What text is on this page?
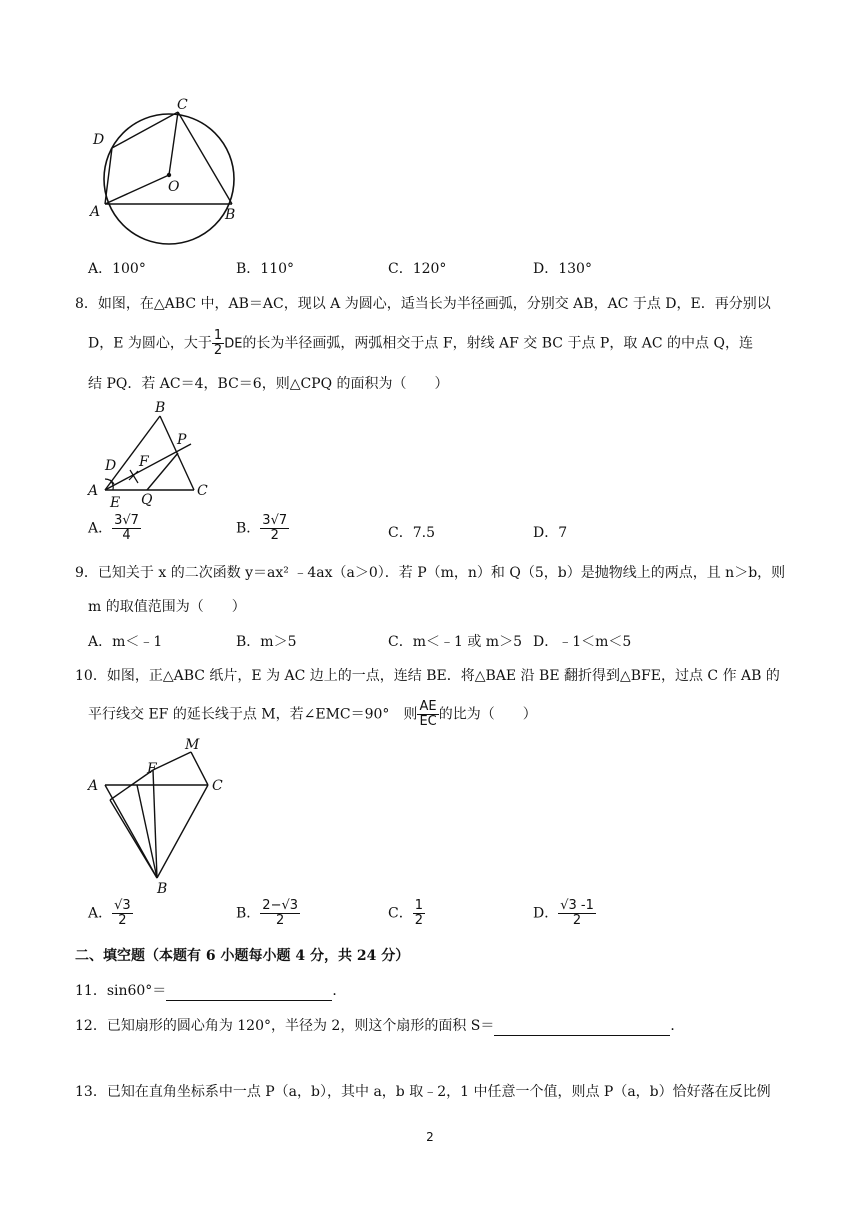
C
D
O
A	B
A．100°	B．110°	C．120°	D．130°
8．如图，在△ABC 中，AB＝AC，现以 A 为圆心，适当长为半径画弧，分别交 AB，AC 于点 D，E．再分别以
D，E 为圆心，大于 $\frac{1}{2}$ DE的长为半径画弧，两弧相交于点 F，射线 AF 交 BC 于点 P，取 AC 的中点 Q，连
结 PQ．若 AC＝4，BC＝6，则△CPQ 的面积为（　　）
B
P
D F
A
E Q
C
A． $\frac{3√7}{4}$	B． $\frac{3√7}{2}$	C．7.5	D．7
9．已知关于 x 的二次函数 y＝ax² ﹣4ax（a＞0）．若 P（m，n）和 Q（5，b）是抛物线上的两点，且 n＞b，则
m 的取值范围为（　　）
A．m＜﹣1	B．m＞5	C．m＜﹣1 或 m＞5 D．﹣1＜m＜5
10．如图，正△ABC 纸片，E 为 AC 边上的一点，连结 BE．将△BAE 沿 BE 翻折得到△BFE，过点 C 作 AB 的
平行线交 EF 的延长线于点 M，若∠EMC＝90°　则 $\frac{AE}{EC}$ 的比为（　　）
M
F
A	C
B
A． $\frac{√3}{2}$	B． $\frac{2-√3}{2}$	C． $\frac{1}{2}$	D． $\frac{√3 -1}{2}$
二、填空题（本题有 6 小题每小题 4 分，共 24 分）
11．sin60°＝	．
12．已知扇形的圆心角为 120°，半径为 2，则这个扇形的面积 S＝	．
13．已知在直角坐标系中一点 P（a，b），其中 a，b 取﹣2，1 中任意一个值，则点 P（a，b）恰好落在反比例
2
